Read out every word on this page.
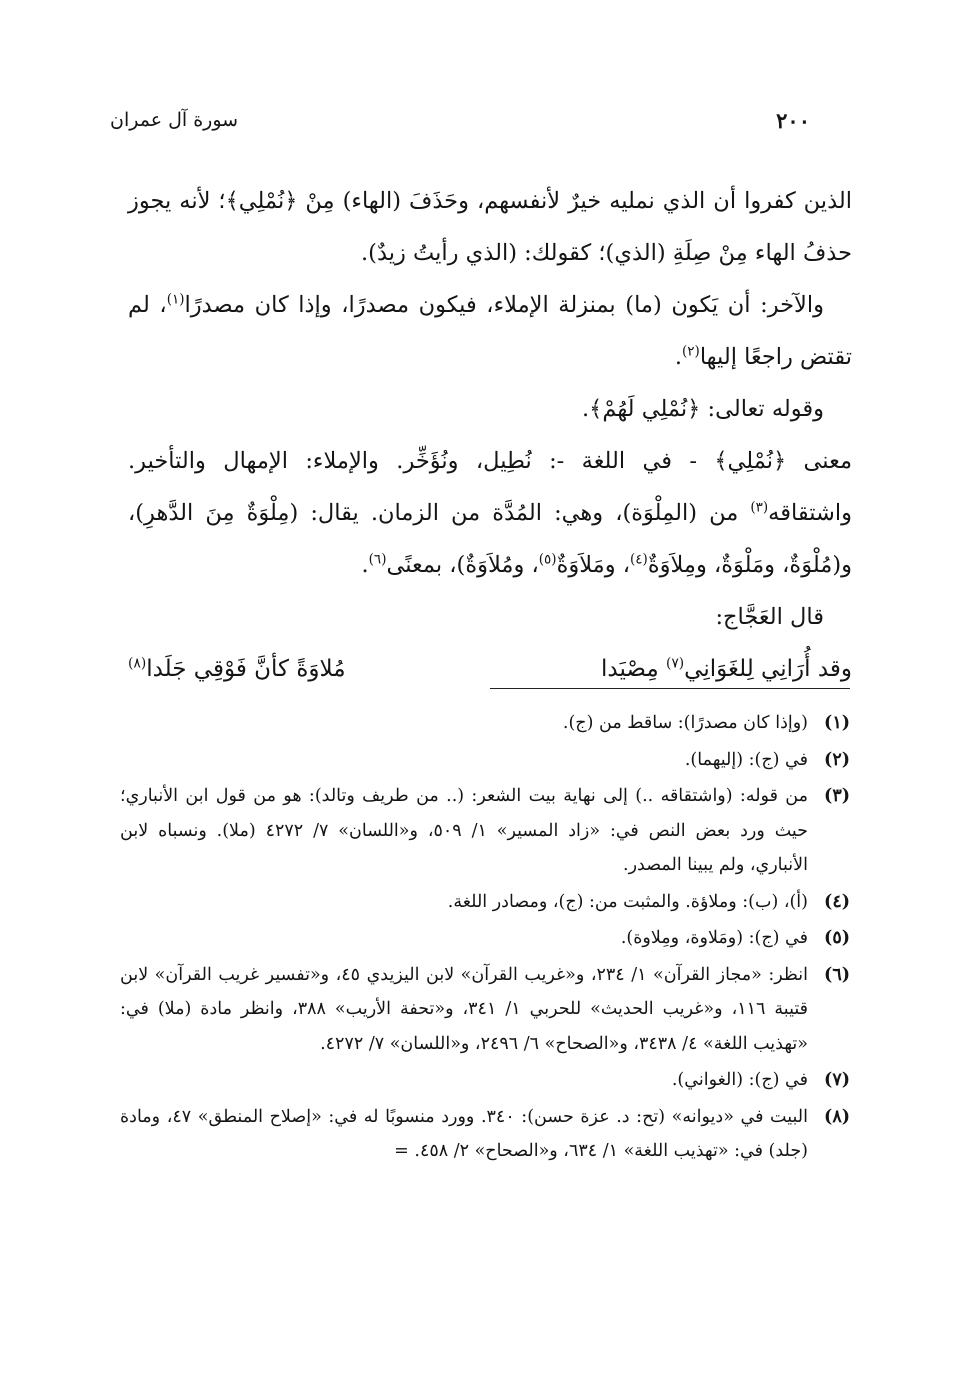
٢٠٠
سورة آل عمران

الذين كفروا أن الذي نمليه خيرٌ لأنفسهم، وحَذَفَ (الهاء) مِنْ ﴿نُمْلِي﴾؛ لأنه يجوز حذفُ الهاء مِنْ صِلَةِ (الذي)؛ كقولك: (الذي رأيتُ زيدٌ).

والآخر: أن يَكون (ما) بمنزلة الإملاء، فيكون مصدرًا، وإذا كان مصدرًا$^{(١)}$، لم تقتض راجعًا إليها$^{(٢)}$.

وقوله تعالى: ﴿نُمْلِي لَهُمْ﴾.

معنى ﴿نُمْلِي﴾ - في اللغة -: نُطِيل، ونُؤَخِّر. والإملاء: الإمهال والتأخير. واشتقاقه$^{(٣)}$ من (المِلْوَة)، وهي: المُدَّة من الزمان. يقال: (مِلْوَةٌ مِنَ الدَّهرِ)، و(مُلْوَةٌ، ومَلْوَةٌ، ومِلاَوَةٌ$^{(٤)}$، ومَلاَوَةٌ$^{(٥)}$، ومُلاَوَةٌ)، بمعنًى$^{(٦)}$.

قال العَجَّاج:

وقد أُرَانِي لِلغَوَانِي$^{(٧)}$ مِصْيَدا
مُلاوَةً كأنَّ فَوْقِي جَلَدا$^{(٨)}$
(١)
(وإذا كان مصدرًا): ساقط من (ج).
(٢)
في (ج): (إليهما).
(٣)
من قوله: (واشتقاقه ..) إلى نهاية بيت الشعر: (.. من طريف وتالد): هو من قول ابن الأنباري؛ حيث ورد بعض النص في: «زاد المسير» ١/ ٥٠٩، و«اللسان» ٧/ ٤٢٧٢ (ملا). ونسباه لابن الأنباري، ولم يبينا المصدر.
(٤)
(أ)، (ب): وملاؤة. والمثبت من: (ج)، ومصادر اللغة.
(٥)
في (ج): (ومَلاوة، ومِلاوة).
(٦)
انظر: «مجاز القرآن» ١/ ٢٣٤، و«غريب القرآن» لابن اليزيدي ٤٥، و«تفسير غريب القرآن» لابن قتيبة ١١٦، و«غريب الحديث» للحربي ١/ ٣٤١، و«تحفة الأريب» ٣٨٨، وانظر مادة (ملا) في: «تهذيب اللغة» ٤/ ٣٤٣٨، و«الصحاح» ٦/ ٢٤٩٦، و«اللسان» ٧/ ٤٢٧٢.
(٧)
في (ج): (الغواني).
(٨)
البيت في «ديوانه» (تح: د. عزة حسن): ٣٤٠. وورد منسوبًا له في: «إصلاح المنطق» ٤٧، ومادة (جلد) في: «تهذيب اللغة» ١/ ٦٣٤، و«الصحاح» ٢/ ٤٥٨. =
